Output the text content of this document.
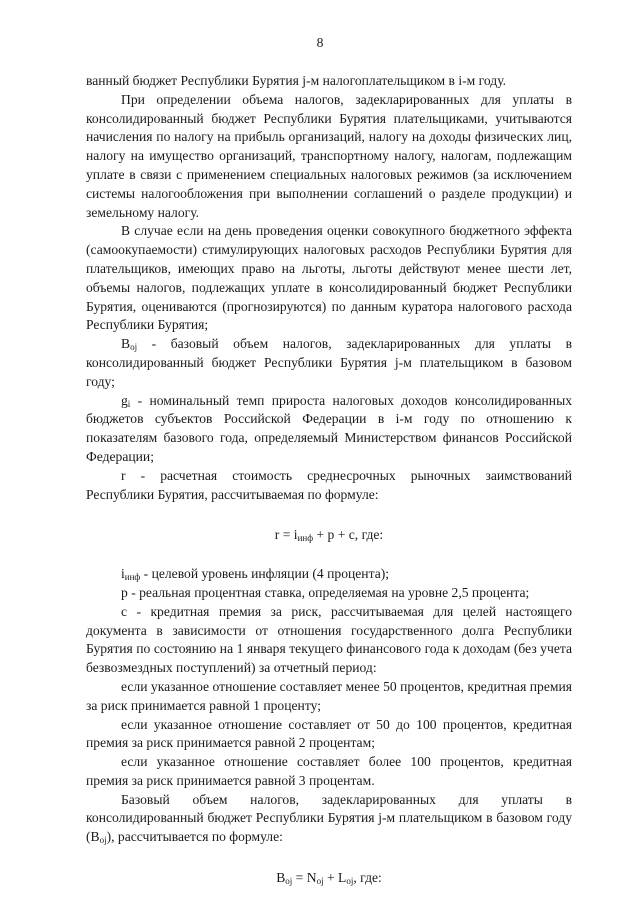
8

ванный бюджет Республики Бурятия j-м налогоплательщиком в i-м году.

При определении объема налогов, задекларированных для уплаты в консолидированный бюджет Республики Бурятия плательщиками, учитываются начисления по налогу на прибыль организаций, налогу на доходы физических лиц, налогу на имущество организаций, транспортному налогу, налогам, подлежащим уплате в связи с применением специальных налоговых режимов (за исключением системы налогообложения при выполнении соглашений о разделе продукции) и земельному налогу.

В случае если на день проведения оценки совокупного бюджетного эффекта (самоокупаемости) стимулирующих налоговых расходов Республики Бурятия для плательщиков, имеющих право на льготы, льготы действуют менее шести лет, объемы налогов, подлежащих уплате в консолидированный бюджет Республики Бурятия, оцениваются (прогнозируются) по данным куратора налогового расхода Республики Бурятия;

$B_{oj}$ - базовый объем налогов, задекларированных для уплаты в консолидированный бюджет Республики Бурятия j-м плательщиком в базовом году;

$g_i$ - номинальный темп прироста налоговых доходов консолидированных бюджетов субъектов Российской Федерации в i-м году по отношению к показателям базового года, определяемый Министерством финансов Российской Федерации;

r - расчетная стоимость среднесрочных рыночных заимствований Республики Бурятия, рассчитываемая по формуле:

$r = i_{инф} + p + c$, где:

$i_{инф}$ - целевой уровень инфляции (4 процента);

p - реальная процентная ставка, определяемая на уровне 2,5 процента;

c - кредитная премия за риск, рассчитываемая для целей настоящего документа в зависимости от отношения государственного долга Республики Бурятия по состоянию на 1 января текущего финансового года к доходам (без учета безвозмездных поступлений) за отчетный период:

если указанное отношение составляет менее 50 процентов, кредитная премия за риск принимается равной 1 проценту;

если указанное отношение составляет от 50 до 100 процентов, кредитная премия за риск принимается равной 2 процентам;

если указанное отношение составляет более 100 процентов, кредитная премия за риск принимается равной 3 процентам.

Базовый объем налогов, задекларированных для уплаты в консолидированный бюджет Республики Бурятия j-м плательщиком в базовом году $(B_{oj})$, рассчитывается по формуле:

$B_{oj} = N_{oj} + L_{oj}$, где:
